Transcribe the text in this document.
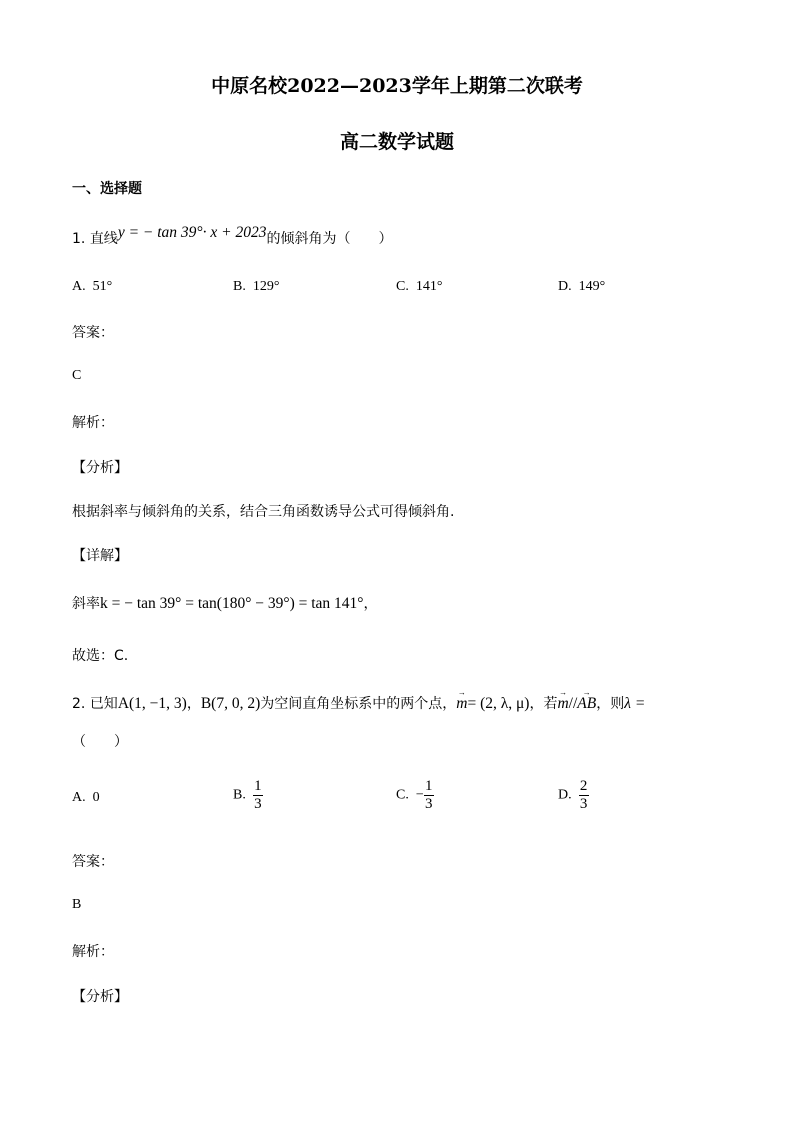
中原名校2022—2023学年上期第二次联考
高二数学试题
一、选择题
1. 直线y = − tan 39°· x + 2023的倾斜角为（　　）
A. 51°	B. 129°	C. 141°	D. 149°
答案：
C
解析：
【分析】
根据斜率与倾斜角的关系，结合三角函数诱导公式可得倾斜角.
【详解】
斜率k = − tan 39° = tan(180° − 39°) = tan 141°，
故选：C.
2. 已知A(1, −1, 3)，B(7, 0, 2)为空间直角坐标系中的两个点，
→
m= (2, λ, μ)，若
→
m//
→
AB，则λ =
（　　）
A. 0	B. $\frac{1}{3}$	C. − $\frac{1}{3}$	D. $\frac{2}{3}$
答案：
B
解析：
【分析】
